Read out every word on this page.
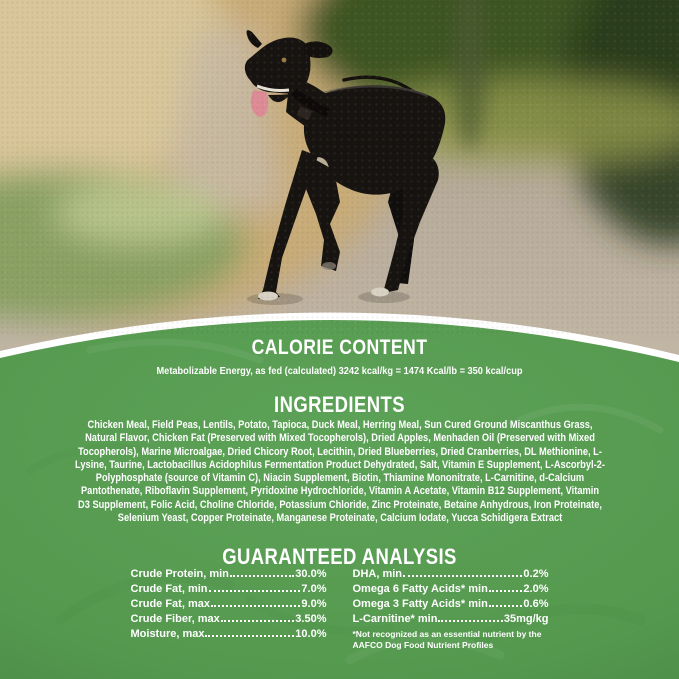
CALORIE CONTENT
Metabolizable Energy, as fed (calculated) 3242 kcal/kg = 1474 Kcal/lb = 350 kcal/cup
INGREDIENTS
Chicken Meal, Field Peas, Lentils, Potato, Tapioca, Duck Meal, Herring Meal, Sun Cured Ground Miscanthus Grass, Natural Flavor, Chicken Fat (Preserved with Mixed Tocopherols), Dried Apples, Menhaden Oil (Preserved with Mixed Tocopherols), Marine Microalgae, Dried Chicory Root, Lecithin, Dried Blueberries, Dried Cranberries, DL Methionine, L-Lysine, Taurine, Lactobacillus Acidophilus Fermentation Product Dehydrated, Salt, Vitamin E Supplement, L-Ascorbyl-2-Polyphosphate (source of Vitamin C), Niacin Supplement, Biotin, Thiamine Mononitrate, L-Carnitine, d-Calcium Pantothenate, Riboflavin Supplement, Pyridoxine Hydrochloride, Vitamin A Acetate, Vitamin B12 Supplement, Vitamin D3 Supplement, Folic Acid, Choline Chloride, Potassium Chloride, Zinc Proteinate, Betaine Anhydrous, Iron Proteinate, Selenium Yeast, Copper Proteinate, Manganese Proteinate, Calcium Iodate, Yucca Schidigera Extract
GUARANTEED ANALYSIS
Crude Protein, min	30.0%
Crude Fat, min	7.0%
Crude Fat, max	9.0%
Crude Fiber, max	3.50%
Moisture, max	10.0%
DHA, min	0.2%
Omega 6 Fatty Acids* min	2.0%
Omega 3 Fatty Acids* min	0.6%
L-Carnitine* min	35mg/kg
*Not recognized as an essential nutrient by the AAFCO Dog Food Nutrient Profiles
